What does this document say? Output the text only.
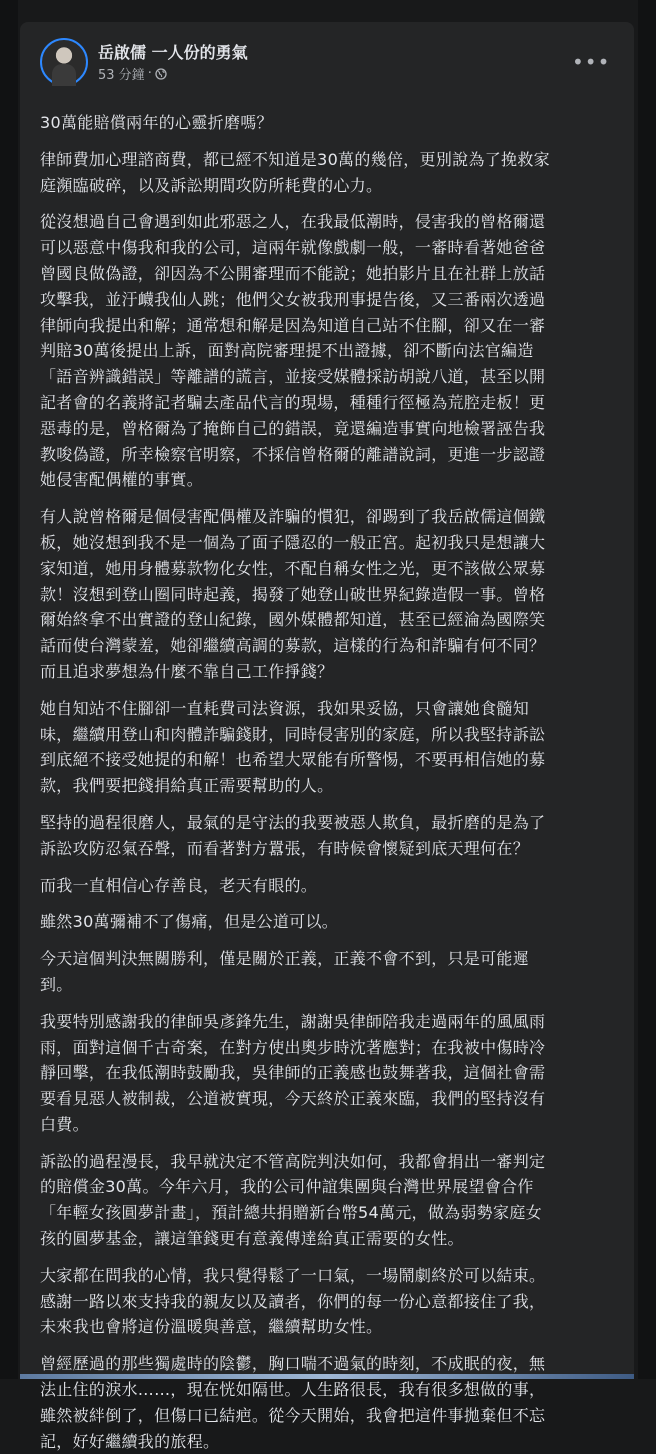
岳啟儒 一人份的勇氣
53 分鐘 ·	•••

30萬能賠償兩年的心靈折磨嗎？

律師費加心理諮商費，都已經不知道是30萬的幾倍，更別說為了挽救家
庭瀕臨破碎，以及訴訟期間攻防所耗費的心力。

從沒想過自己會遇到如此邪惡之人，在我最低潮時，侵害我的曾格爾還
可以惡意中傷我和我的公司，這兩年就像戲劇一般，一審時看著她爸爸
曾國良做偽證，卻因為不公開審理而不能說；她拍影片且在社群上放話
攻擊我，並汙衊我仙人跳；他們父女被我刑事提告後，又三番兩次透過
律師向我提出和解；通常想和解是因為知道自己站不住腳，卻又在一審
判賠30萬後提出上訴，面對高院審理提不出證據，卻不斷向法官編造
「語音辨識錯誤」等離譜的謊言，並接受媒體採訪胡說八道，甚至以開
記者會的名義將記者騙去產品代言的現場，種種行徑極為荒腔走板！更
惡毒的是，曾格爾為了掩飾自己的錯誤，竟還編造事實向地檢署誣告我
教唆偽證，所幸檢察官明察，不採信曾格爾的離譜說詞，更進一步認證
她侵害配偶權的事實。

有人說曾格爾是個侵害配偶權及詐騙的慣犯，卻踢到了我岳啟儒這個鐵
板，她沒想到我不是一個為了面子隱忍的一般正宮。起初我只是想讓大
家知道，她用身體募款物化女性，不配自稱女性之光，更不該做公眾募
款！沒想到登山圈同時起義，揭發了她登山破世界紀錄造假一事。曾格
爾始終拿不出實證的登山紀錄，國外媒體都知道，甚至已經淪為國際笑
話而使台灣蒙羞，她卻繼續高調的募款，這樣的行為和詐騙有何不同？
而且追求夢想為什麼不靠自己工作掙錢？

她自知站不住腳卻一直耗費司法資源，我如果妥協，只會讓她食髓知
味，繼續用登山和肉體詐騙錢財，同時侵害別的家庭，所以我堅持訴訟
到底絕不接受她提的和解！也希望大眾能有所警惕，不要再相信她的募
款，我們要把錢捐給真正需要幫助的人。

堅持的過程很磨人，最氣的是守法的我要被惡人欺負，最折磨的是為了
訴訟攻防忍氣吞聲，而看著對方囂張，有時候會懷疑到底天理何在？

而我一直相信心存善良，老天有眼的。

雖然30萬彌補不了傷痛，但是公道可以。

今天這個判決無關勝利，僅是關於正義，正義不會不到，只是可能遲
到。

我要特別感謝我的律師吳彥鋒先生，謝謝吳律師陪我走過兩年的風風雨
雨，面對這個千古奇案，在對方使出奧步時沈著應對；在我被中傷時冷
靜回擊，在我低潮時鼓勵我，吳律師的正義感也鼓舞著我，這個社會需
要看見惡人被制裁，公道被實現，今天終於正義來臨，我們的堅持沒有
白費。

訴訟的過程漫長，我早就決定不管高院判決如何，我都會捐出一審判定
的賠償金30萬。今年六月，我的公司仲誼集團與台灣世界展望會合作
「年輕女孩圓夢計畫」，預計總共捐贈新台幣54萬元，做為弱勢家庭女
孩的圓夢基金，讓這筆錢更有意義傳達給真正需要的女性。

大家都在問我的心情，我只覺得鬆了一口氣，一場鬧劇終於可以結束。
感謝一路以來支持我的親友以及讀者，你們的每一份心意都接住了我，
未來我也會將這份溫暖與善意，繼續幫助女性。

曾經歷過的那些獨處時的陰鬱，胸口喘不過氣的時刻，不成眠的夜，無
法止住的淚水……，現在恍如隔世。人生路很長，我有很多想做的事，
雖然被絆倒了，但傷口已結疤。從今天開始，我會把這件事拋棄但不忘
記，好好繼續我的旅程。
